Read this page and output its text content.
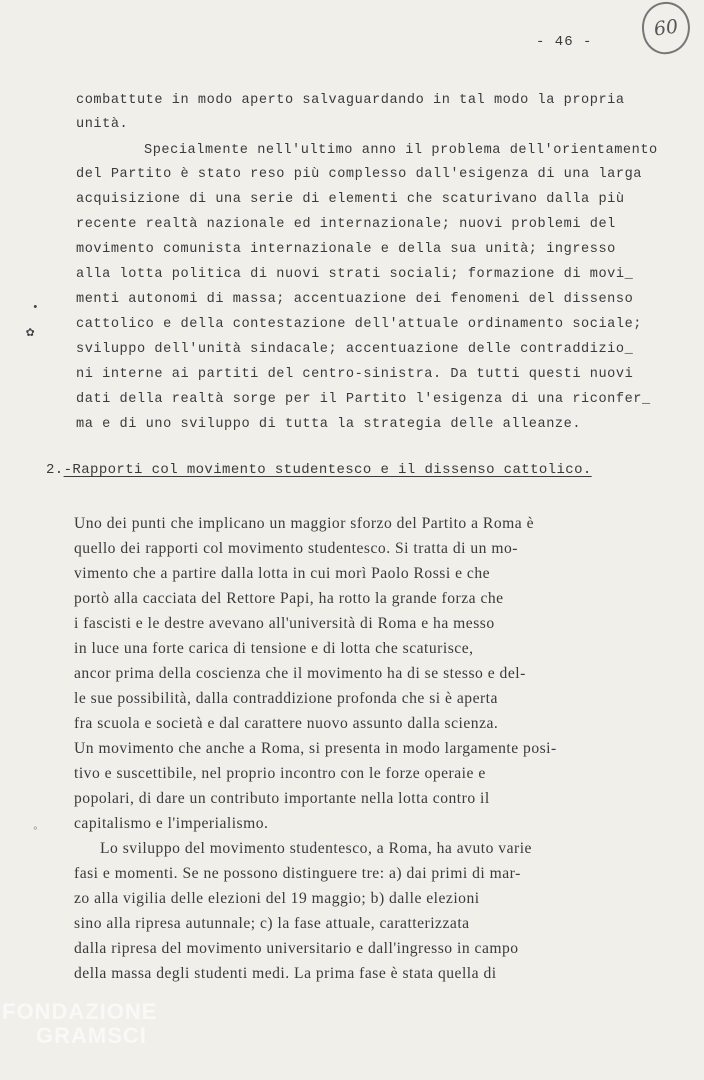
- 46 -
60

combattute in modo aperto salvaguardando in tal modo la propria

unità.

Specialmente nell'ultimo anno il problema dell'orientamento

del Partito è stato reso più complesso dall'esigenza di una larga

acquisizione di una serie di elementi che scaturivano dalla più

recente realtà nazionale ed internazionale; nuovi problemi del

movimento comunista internazionale e della sua unità; ingresso

alla lotta politica di nuovi strati sociali; formazione di movi_

menti autonomi di massa; accentuazione dei fenomeni del dissenso

cattolico e della contestazione dell'attuale ordinamento sociale;

sviluppo dell'unità sindacale; accentuazione delle contraddizio_

ni interne ai partiti del centro-sinistra. Da tutti questi nuovi

dati della realtà sorge per il Partito l'esigenza di una riconfer_

ma e di uno sviluppo di tutta la strategia delle alleanze.

2.-Rapporti col movimento studentesco e il dissenso cattolico.

Uno dei punti che implicano un maggior sforzo del Partito a Roma è

quello dei rapporti col movimento studentesco. Si tratta di un mo-

vimento che a partire dalla lotta in cui morì Paolo Rossi e che

portò alla cacciata del Rettore Papi, ha rotto la grande forza che

i fascisti e le destre avevano all'università di Roma e ha messo

in luce una forte carica di tensione e di lotta che scaturisce,

ancor prima della coscienza che il movimento ha di se stesso e del-

le sue possibilità, dalla contraddizione profonda che si è aperta

fra scuola e società e dal carattere nuovo assunto dalla scienza.

Un movimento che anche a Roma, si presenta in modo largamente posi-

tivo e suscettibile, nel proprio incontro con le forze operaie e

popolari, di dare un contributo importante nella lotta contro il

capitalismo e l'imperialismo.

Lo sviluppo del movimento studentesco, a Roma, ha avuto varie

fasi e momenti. Se ne possono distinguere tre: a) dai primi di mar-

zo alla vigilia delle elezioni del 19 maggio; b) dalle elezioni

sino alla ripresa autunnale; c) la fase attuale, caratterizzata

dalla ripresa del movimento universitario e dall'ingresso in campo

della massa degli studenti medi. La prima fase è stata quella di

•
✿
°
FONDAZIONE
GRAMSCI
